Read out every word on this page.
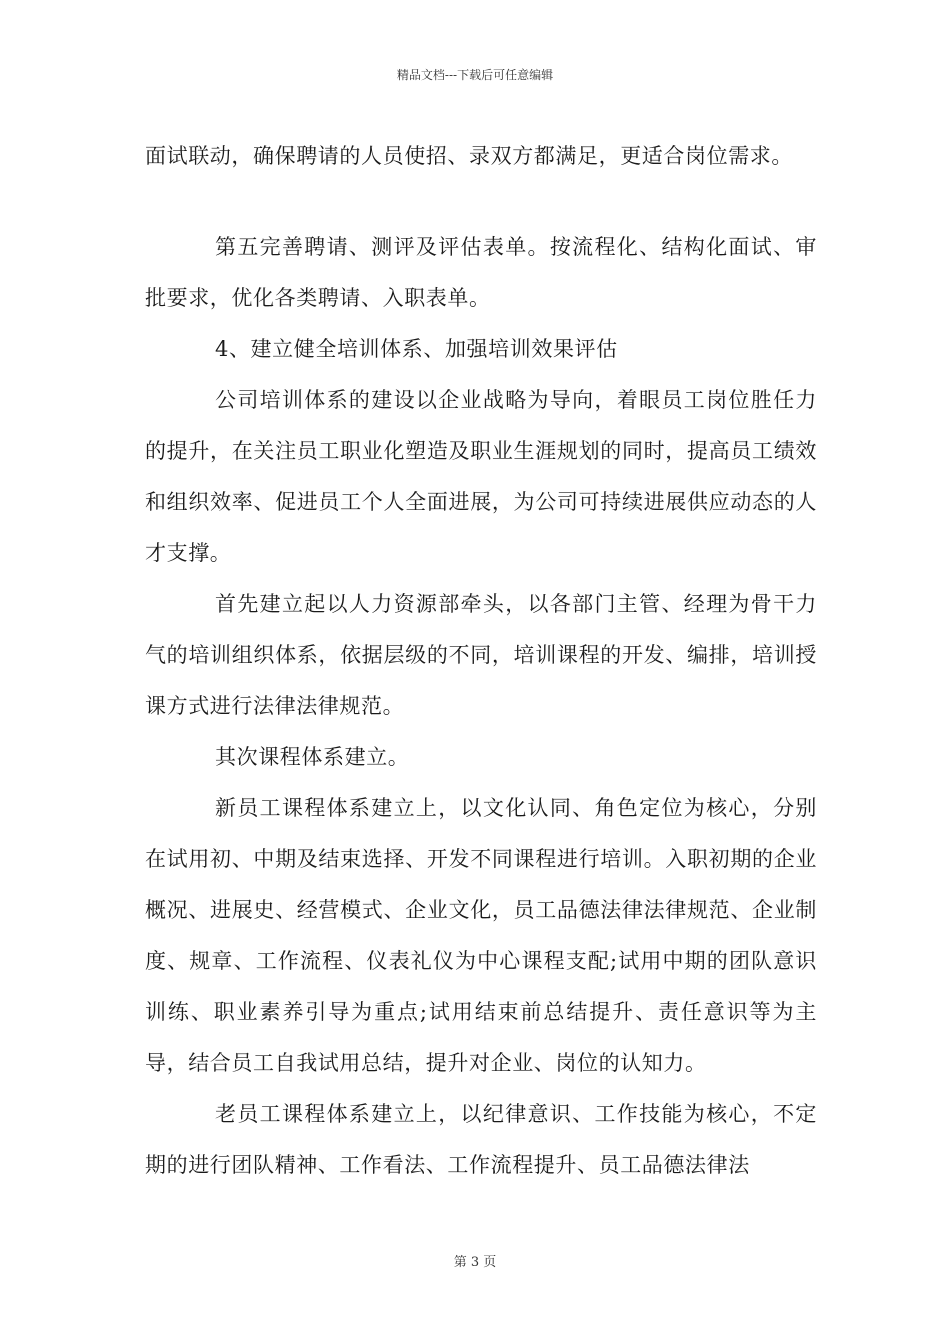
精品文档---下载后可任意编辑

面试联动，确保聘请的人员使招、录双方都满足，更适合岗位需求。

第五完善聘请、测评及评估表单。按流程化、结构化面试、审批要求，优化各类聘请、入职表单。

4、建立健全培训体系、加强培训效果评估

公司培训体系的建设以企业战略为导向，着眼员工岗位胜任力的提升，在关注员工职业化塑造及职业生涯规划的同时，提高员工绩效和组织效率、促进员工个人全面进展，为公司可持续进展供应动态的人才支撑。

首先建立起以人力资源部牵头，以各部门主管、经理为骨干力气的培训组织体系，依据层级的不同，培训课程的开发、编排，培训授课方式进行法律法律规范。

其次课程体系建立。

新员工课程体系建立上，以文化认同、角色定位为核心，分别在试用初、中期及结束选择、开发不同课程进行培训。入职初期的企业概况、进展史、经营模式、企业文化，员工品德法律法律规范、企业制度、规章、工作流程、仪表礼仪为中心课程支配;试用中期的团队意识训练、职业素养引导为重点;试用结束前总结提升、责任意识等为主导，结合员工自我试用总结，提升对企业、岗位的认知力。

老员工课程体系建立上，以纪律意识、工作技能为核心，不定期的进行团队精神、工作看法、工作流程提升、员工品德法律法

第 3 页
